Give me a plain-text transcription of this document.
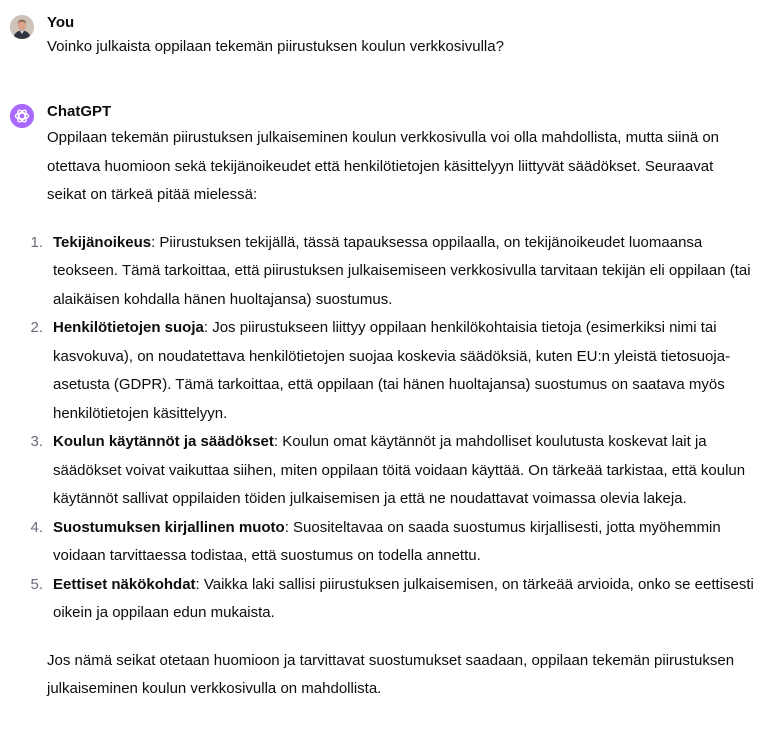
You
Voinko julkaista oppilaan tekemän piirustuksen koulun verkkosivulla?
ChatGPT

Oppilaan tekemän piirustuksen julkaiseminen koulun verkkosivulla voi olla mahdollista, mutta siinä on otettava huomioon sekä tekijänoikeudet että henkilötietojen käsittelyyn liittyvät säädökset. Seuraavat seikat on tärkeä pitää mielessä:

1. Tekijänoikeus: Piirustuksen tekijällä, tässä tapauksessa oppilaalla, on tekijänoikeudet luomaansa teokseen. Tämä tarkoittaa, että piirustuksen julkaisemiseen verkkosivulla tarvitaan tekijän eli oppilaan (tai alaikäisen kohdalla hänen huoltajansa) suostumus.
2. Henkilötietojen suoja: Jos piirustukseen liittyy oppilaan henkilökohtaisia tietoja (esimerkiksi nimi tai kasvokuva), on noudatettava henkilötietojen suojaa koskevia säädöksiä, kuten EU:n yleistä tietosuoja-asetusta (GDPR). Tämä tarkoittaa, että oppilaan (tai hänen huoltajansa) suostumus on saatava myös henkilötietojen käsittelyyn.
3. Koulun käytännöt ja säädökset: Koulun omat käytännöt ja mahdolliset koulutusta koskevat lait ja säädökset voivat vaikuttaa siihen, miten oppilaan töitä voidaan käyttää. On tärkeää tarkistaa, että koulun käytännöt sallivat oppilaiden töiden julkaisemisen ja että ne noudattavat voimassa olevia lakeja.
4. Suostumuksen kirjallinen muoto: Suositeltavaa on saada suostumus kirjallisesti, jotta myöhemmin voidaan tarvittaessa todistaa, että suostumus on todella annettu.
5. Eettiset näkökohdat: Vaikka laki sallisi piirustuksen julkaisemisen, on tärkeää arvioida, onko se eettisesti oikein ja oppilaan edun mukaista.

Jos nämä seikat otetaan huomioon ja tarvittavat suostumukset saadaan, oppilaan tekemän piirustuksen julkaiseminen koulun verkkosivulla on mahdollista.
